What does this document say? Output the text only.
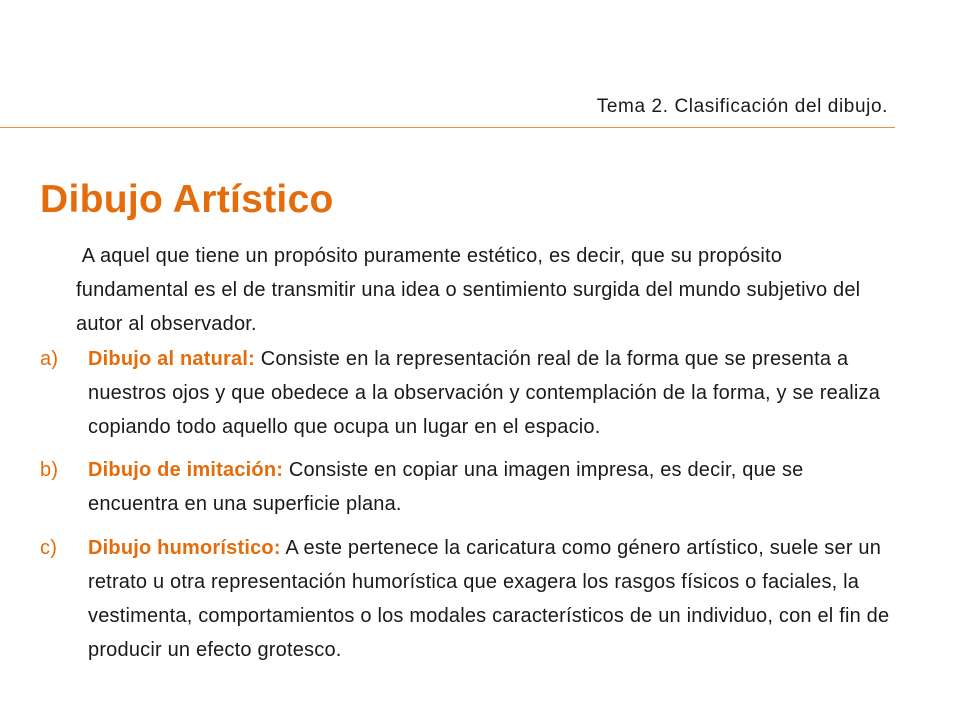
Tema 2. Clasificación del dibujo.
Dibujo Artístico

A aquel que tiene un propósito puramente estético, es decir, que su propósito fundamental es el de transmitir una idea o sentimiento surgida del mundo subjetivo del autor al observador.

a) Dibujo al natural: Consiste en la representación real de la forma que se presenta a nuestros ojos y que obedece a la observación y contemplación de la forma, y se realiza copiando todo aquello que ocupa un lugar en el espacio.
b) Dibujo de imitación: Consiste en copiar una imagen impresa, es decir, que se encuentra en una superficie plana.
c) Dibujo humorístico: A este pertenece la caricatura como género artístico, suele ser un retrato u otra representación humorística que exagera los rasgos físicos o faciales, la vestimenta, comportamientos o los modales característicos de un individuo, con el fin de producir un efecto grotesco.
